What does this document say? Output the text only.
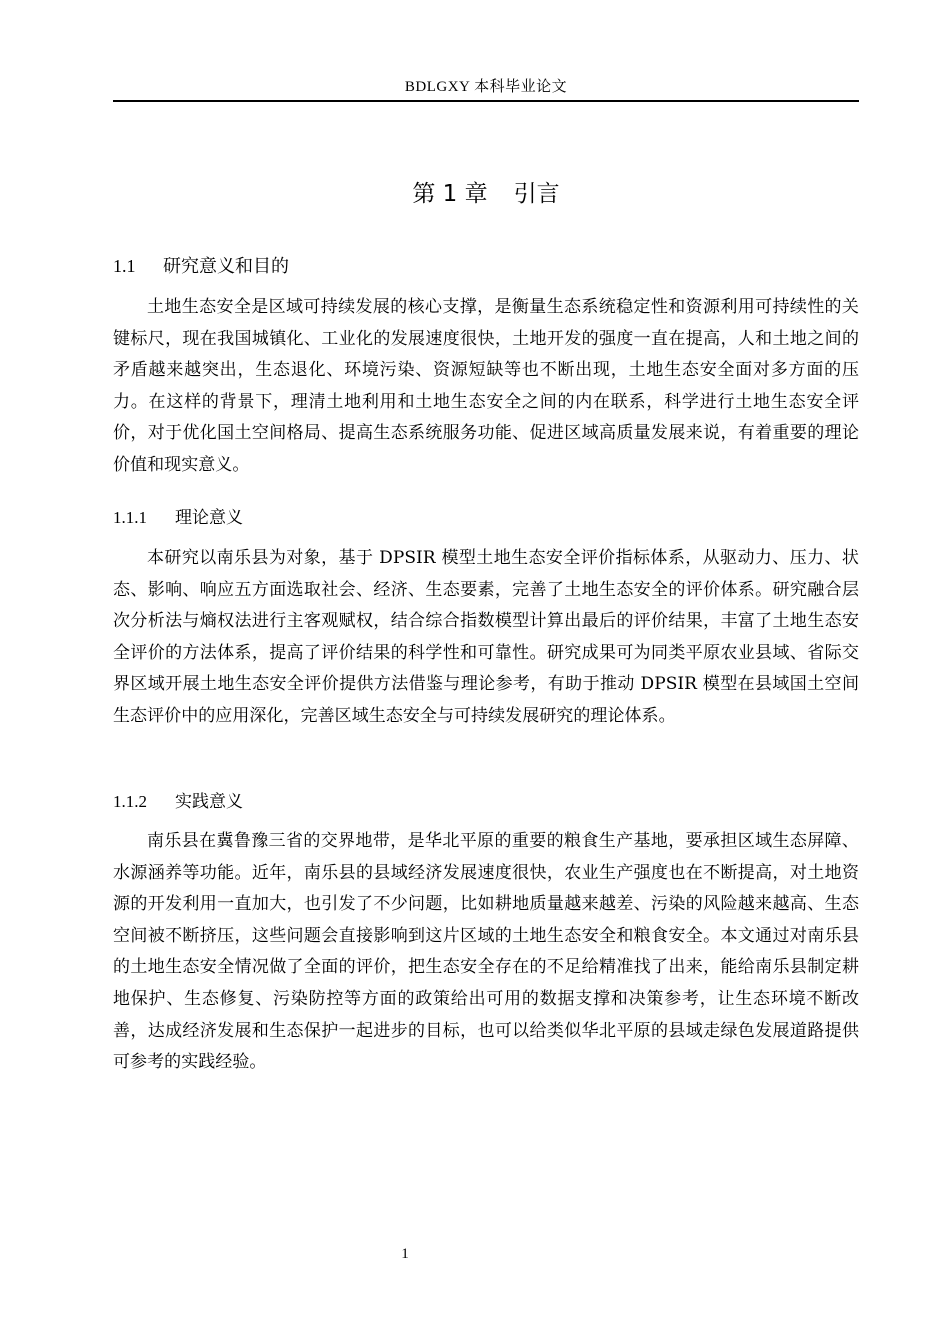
BDLGXY 本科毕业论文
第 1 章 引言
1.1 研究意义和目的

土地生态安全是区域可持续发展的核心支撑，是衡量生态系统稳定性和资源利用可持续性的关键标尺，现在我国城镇化、工业化的发展速度很快，土地开发的强度一直在提高，人和土地之间的矛盾越来越突出，生态退化、环境污染、资源短缺等也不断出现，土地生态安全面对多方面的压力。在这样的背景下，理清土地利用和土地生态安全之间的内在联系，科学进行土地生态安全评价，对于优化国土空间格局、提高生态系统服务功能、促进区域高质量发展来说，有着重要的理论价值和现实意义。

1.1.1 理论意义

本研究以南乐县为对象，基于 DPSIR 模型土地生态安全评价指标体系，从驱动力、压力、状态、影响、响应五方面选取社会、经济、生态要素，完善了土地生态安全的评价体系。研究融合层次分析法与熵权法进行主客观赋权，结合综合指数模型计算出最后的评价结果，丰富了土地生态安全评价的方法体系，提高了评价结果的科学性和可靠性。研究成果可为同类平原农业县域、省际交界区域开展土地生态安全评价提供方法借鉴与理论参考，有助于推动 DPSIR 模型在县域国土空间生态评价中的应用深化，完善区域生态安全与可持续发展研究的理论体系。

1.1.2 实践意义

南乐县在冀鲁豫三省的交界地带，是华北平原的重要的粮食生产基地，要承担区域生态屏障、水源涵养等功能。近年，南乐县的县域经济发展速度很快，农业生产强度也在不断提高，对土地资源的开发利用一直加大，也引发了不少问题，比如耕地质量越来越差、污染的风险越来越高、生态空间被不断挤压，这些问题会直接影响到这片区域的土地生态安全和粮食安全。本文通过对南乐县的土地生态安全情况做了全面的评价，把生态安全存在的不足给精准找了出来，能给南乐县制定耕地保护、生态修复、污染防控等方面的政策给出可用的数据支撑和决策参考，让生态环境不断改善，达成经济发展和生态保护一起进步的目标，也可以给类似华北平原的县域走绿色发展道路提供可参考的实践经验。

1
